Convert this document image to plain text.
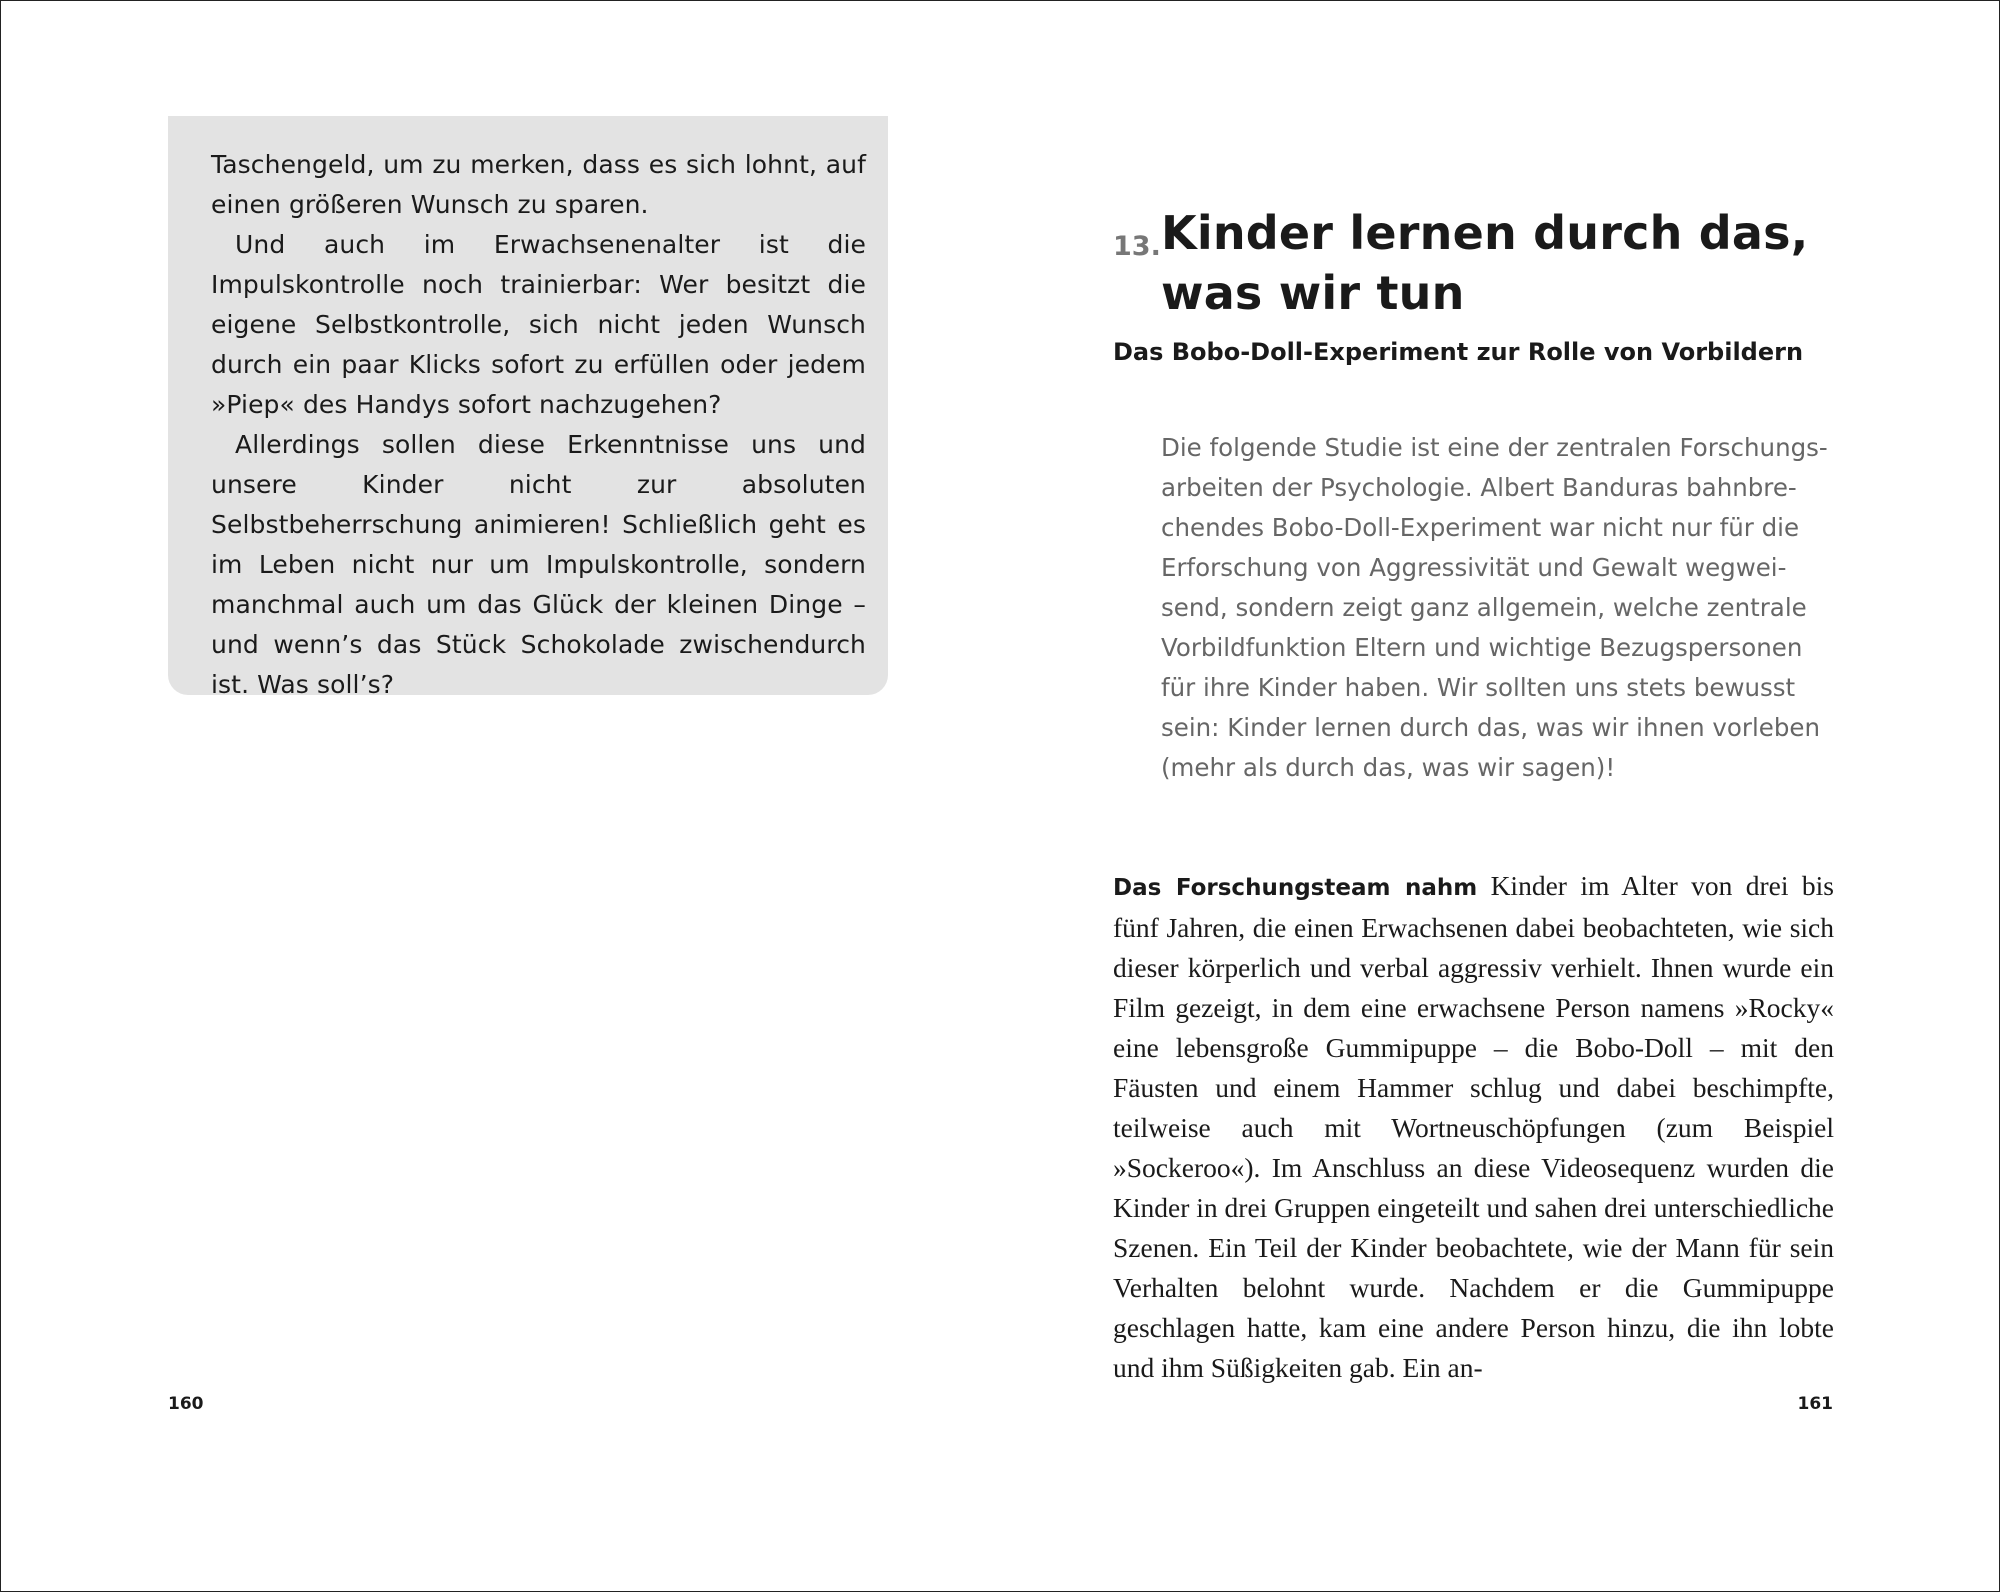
Taschengeld, um zu merken, dass es sich lohnt, auf einen größeren Wunsch zu sparen.

Und auch im Erwachsenenalter ist die Impulskontrolle noch trainierbar: Wer besitzt die eigene Selbstkontrolle, sich nicht jeden Wunsch durch ein paar Klicks sofort zu erfüllen oder jedem »Piep« des Handys sofort nachzugehen?

Allerdings sollen diese Erkenntnisse uns und unsere Kinder nicht zur absoluten Selbstbeherrschung animieren! Schließlich geht es im Leben nicht nur um Impulskontrolle, sondern manchmal auch um das Glück der kleinen Dinge – und wenn’s das Stück Schokolade zwischendurch ist. Was soll’s?

160
13. Kinder lernen durch das,
was wir tun
Das Bobo-Doll-Experiment zur Rolle von Vorbildern
Die folgende Studie ist eine der zentralen Forschungs-
arbeiten der Psychologie. Albert Banduras bahnbre-
chendes Bobo-Doll-Experiment war nicht nur für die
Erforschung von Aggressivität und Gewalt wegwei-
send, sondern zeigt ganz allgemein, welche zentrale
Vorbildfunktion Eltern und wichtige Bezugspersonen
für ihre Kinder haben. Wir sollten uns stets bewusst
sein: Kinder lernen durch das, was wir ihnen vorleben
(mehr als durch das, was wir sagen)!
Das Forschungsteam nahm Kinder im Alter von drei bis fünf Jahren, die einen Erwachsenen dabei beobachteten, wie sich dieser körperlich und verbal aggressiv verhielt. Ihnen wurde ein Film gezeigt, in dem eine erwachsene Person namens »Rocky« eine lebensgroße Gummipuppe – die Bobo-Doll – mit den Fäusten und einem Hammer schlug und dabei beschimpfte, teilweise auch mit Wortneuschöpfungen (zum Beispiel »Sockeroo«). Im Anschluss an diese Videosequenz wurden die Kinder in drei Gruppen eingeteilt und sahen drei unterschiedliche Szenen. Ein Teil der Kinder beobachtete, wie der Mann für sein Verhalten belohnt wurde. Nachdem er die Gummipuppe geschlagen hatte, kam eine andere Person hinzu, die ihn lobte und ihm Süßigkeiten gab. Ein an-
161
